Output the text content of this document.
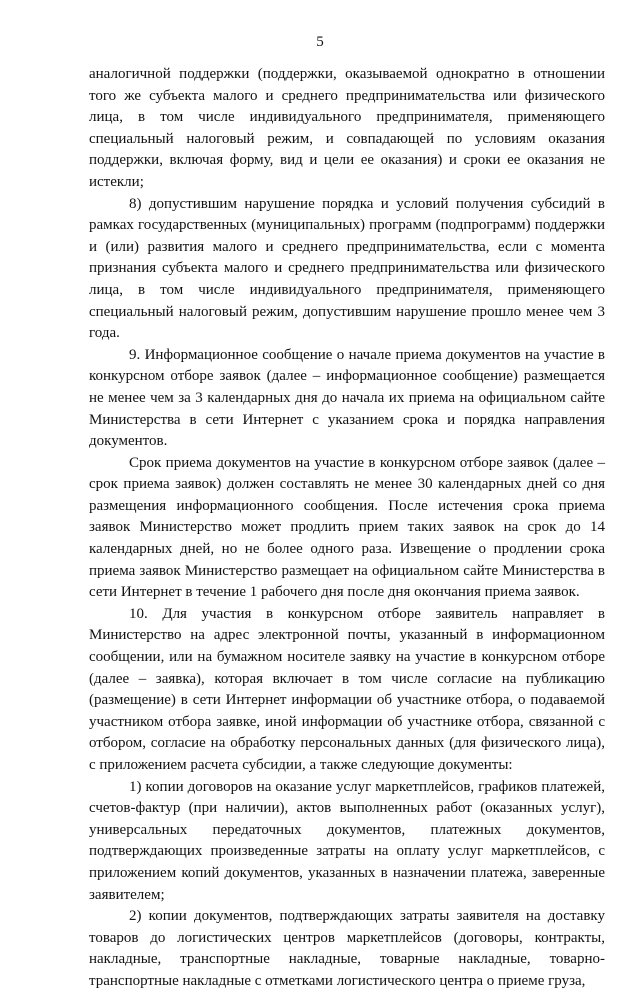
5

аналогичной поддержки (поддержки, оказываемой однократно в отношении того же субъекта малого и среднего предпринимательства или физического лица, в том числе индивидуального предпринимателя, применяющего специальный налоговый режим, и совпадающей по условиям оказания поддержки, включая форму, вид и цели ее оказания) и сроки ее оказания не истекли;

8) допустившим нарушение порядка и условий получения субсидий в рамках государственных (муниципальных) программ (подпрограмм) поддержки и (или) развития малого и среднего предпринимательства, если с момента признания субъекта малого и среднего предпринимательства или физического лица, в том числе индивидуального предпринимателя, применяющего специальный налоговый режим, допустившим нарушение прошло менее чем 3 года.

9. Информационное сообщение о начале приема документов на участие в конкурсном отборе заявок (далее – информационное сообщение) размещается не менее чем за 3 календарных дня до начала их приема на официальном сайте Министерства в сети Интернет с указанием срока и порядка направления документов.

Срок приема документов на участие в конкурсном отборе заявок (далее – срок приема заявок) должен составлять не менее 30 календарных дней со дня размещения информационного сообщения. После истечения срока приема заявок Министерство может продлить прием таких заявок на срок до 14 календарных дней, но не более одного раза. Извещение о продлении срока приема заявок Министерство размещает на официальном сайте Министерства в сети Интернет в течение 1 рабочего дня после дня окончания приема заявок.

10. Для участия в конкурсном отборе заявитель направляет в Министерство на адрес электронной почты, указанный в информационном сообщении, или на бумажном носителе заявку на участие в конкурсном отборе (далее – заявка), которая включает в том числе согласие на публикацию (размещение) в сети Интернет информации об участнике отбора, о подаваемой участником отбора заявке, иной информации об участнике отбора, связанной с отбором, согласие на обработку персональных данных (для физического лица), с приложением расчета субсидии, а также следующие документы:

1) копии договоров на оказание услуг маркетплейсов, графиков платежей, счетов-фактур (при наличии), актов выполненных работ (оказанных услуг), универсальных передаточных документов, платежных документов, подтверждающих произведенные затраты на оплату услуг маркетплейсов, с приложением копий документов, указанных в назначении платежа, заверенные заявителем;

2) копии документов, подтверждающих затраты заявителя на доставку товаров до логистических центров маркетплейсов (договоры, контракты, накладные, транспортные накладные, товарные накладные, товарно-транспортные накладные с отметками логистического центра о приеме груза,
